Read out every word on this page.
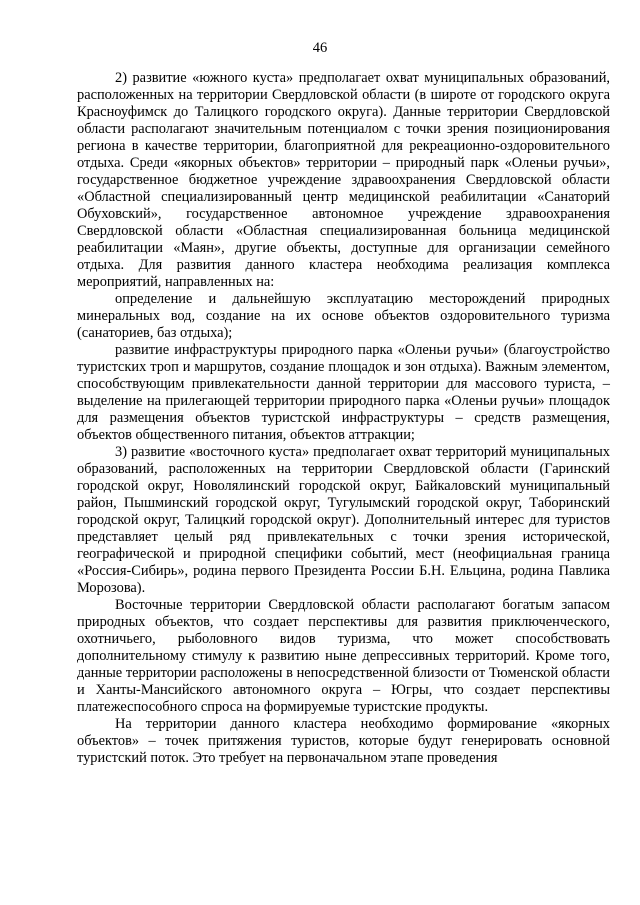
46

2) развитие «южного куста» предполагает охват муниципальных образований, расположенных на территории Свердловской области (в широте от городского округа Красноуфимск до Талицкого городского округа). Данные территории Свердловской области располагают значительным потенциалом с точки зрения позиционирования региона в качестве территории, благоприятной для рекреационно-оздоровительного отдыха. Среди «якорных объектов» территории – природный парк «Оленьи ручьи», государственное бюджетное учреждение здравоохранения Свердловской области «Областной специализированный центр медицинской реабилитации «Санаторий Обуховский», государственное автономное учреждение здравоохранения Свердловской области «Областная специализированная больница медицинской реабилитации «Маян», другие объекты, доступные для организации семейного отдыха. Для развития данного кластера необходима реализация комплекса мероприятий, направленных на:

определение и дальнейшую эксплуатацию месторождений природных минеральных вод, создание на их основе объектов оздоровительного туризма (санаториев, баз отдыха);

развитие инфраструктуры природного парка «Оленьи ручьи» (благоустройство туристских троп и маршрутов, создание площадок и зон отдыха). Важным элементом, способствующим привлекательности данной территории для массового туриста, – выделение на прилегающей территории природного парка «Оленьи ручьи» площадок для размещения объектов туристской инфраструктуры – средств размещения, объектов общественного питания, объектов аттракции;

3) развитие «восточного куста» предполагает охват территорий муниципальных образований, расположенных на территории Свердловской области (Гаринский городской округ, Новолялинский городской округ, Байкаловский муниципальный район, Пышминский городской округ, Тугулымский городской округ, Таборинский городской округ, Талицкий городской округ). Дополнительный интерес для туристов представляет целый ряд привлекательных с точки зрения исторической, географической и природной специфики событий, мест (неофициальная граница «Россия-Сибирь», родина первого Президента России Б.Н. Ельцина, родина Павлика Морозова).

Восточные территории Свердловской области располагают богатым запасом природных объектов, что создает перспективы для развития приключенческого, охотничьего, рыболовного видов туризма, что может способствовать дополнительному стимулу к развитию ныне депрессивных территорий. Кроме того, данные территории расположены в непосредственной близости от Тюменской области и Ханты-Мансийского автономного округа – Югры, что создает перспективы платежеспособного спроса на формируемые туристские продукты.

На территории данного кластера необходимо формирование «якорных объектов» – точек притяжения туристов, которые будут генерировать основной туристский поток. Это требует на первоначальном этапе проведения
